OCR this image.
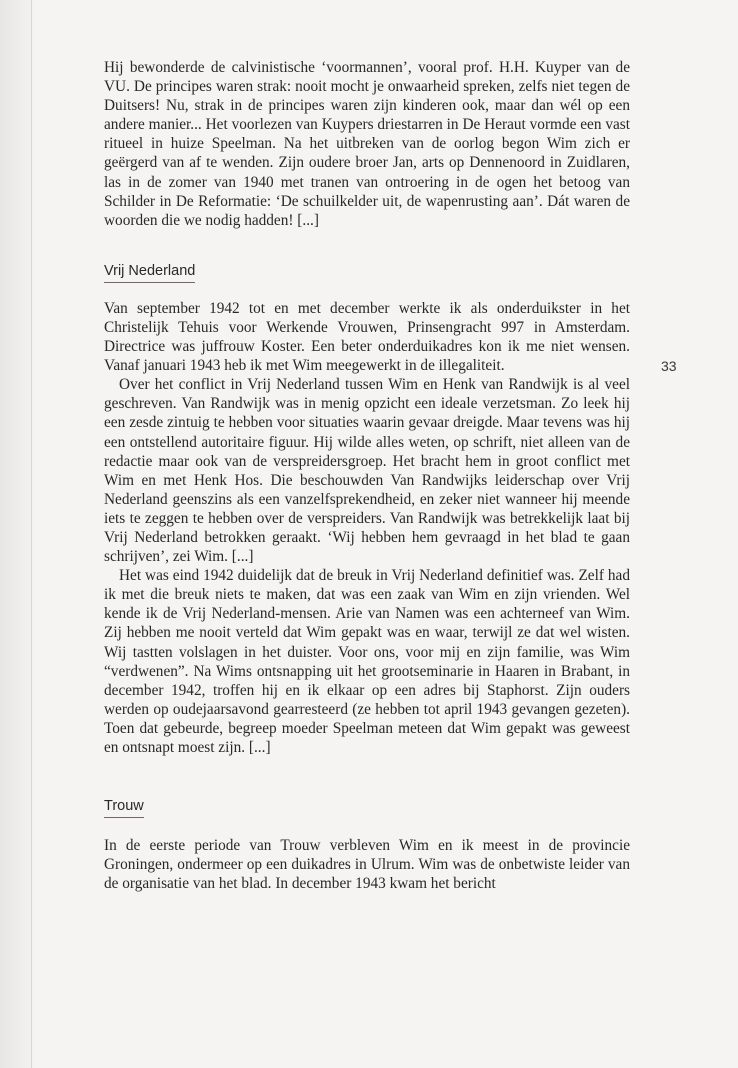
Hij bewonderde de calvinistische ‘voormannen’, vooral prof. H.H. Kuyper van de VU. De principes waren strak: nooit mocht je onwaarheid spreken, zelfs niet tegen de Duitsers! Nu, strak in de principes waren zijn kinderen ook, maar dan wél op een andere manier... Het voorlezen van Kuypers driestarren in De Heraut vormde een vast ritueel in huize Speelman. Na het uitbreken van de oorlog begon Wim zich er geërgerd van af te wenden. Zijn oudere broer Jan, arts op Dennenoord in Zuidlaren, las in de zomer van 1940 met tranen van ontroering in de ogen het betoog van Schilder in De Reformatie: ‘De schuilkelder uit, de wapenrusting aan’. Dát waren de woorden die we nodig hadden! [...]

Vrij Nederland

Van september 1942 tot en met december werkte ik als onderduikster in het Christelijk Tehuis voor Werkende Vrouwen, Prinsengracht 997 in Amsterdam. Directrice was juffrouw Koster. Een beter onderduikadres kon ik me niet wensen. Vanaf januari 1943 heb ik met Wim meegewerkt in de illegaliteit.

Over het conflict in Vrij Nederland tussen Wim en Henk van Randwijk is al veel geschreven. Van Randwijk was in menig opzicht een ideale verzetsman. Zo leek hij een zesde zintuig te hebben voor situaties waarin gevaar dreigde. Maar tevens was hij een ontstellend autoritaire figuur. Hij wilde alles weten, op schrift, niet alleen van de redactie maar ook van de verspreidersgroep. Het bracht hem in groot conflict met Wim en met Henk Hos. Die beschouwden Van Randwijks leiderschap over Vrij Nederland geenszins als een vanzelfsprekendheid, en zeker niet wanneer hij meende iets te zeggen te hebben over de verspreiders. Van Randwijk was betrekkelijk laat bij Vrij Nederland betrokken geraakt. ‘Wij hebben hem gevraagd in het blad te gaan schrijven’, zei Wim. [...]

Het was eind 1942 duidelijk dat de breuk in Vrij Nederland definitief was. Zelf had ik met die breuk niets te maken, dat was een zaak van Wim en zijn vrienden. Wel kende ik de Vrij Nederland-mensen. Arie van Namen was een achterneef van Wim. Zij hebben me nooit verteld dat Wim gepakt was en waar, terwijl ze dat wel wisten. Wij tastten volslagen in het duister. Voor ons, voor mij en zijn familie, was Wim “verdwenen”. Na Wims ontsnapping uit het grootseminarie in Haaren in Brabant, in december 1942, troffen hij en ik elkaar op een adres bij Staphorst. Zijn ouders werden op oudejaarsavond gearresteerd (ze hebben tot april 1943 gevangen gezeten). Toen dat gebeurde, begreep moeder Speelman meteen dat Wim gepakt was geweest en ontsnapt moest zijn. [...]

Trouw

In de eerste periode van Trouw verbleven Wim en ik meest in de provincie Groningen, ondermeer op een duikadres in Ulrum. Wim was de onbetwiste leider van de organisatie van het blad. In december 1943 kwam het bericht

33
